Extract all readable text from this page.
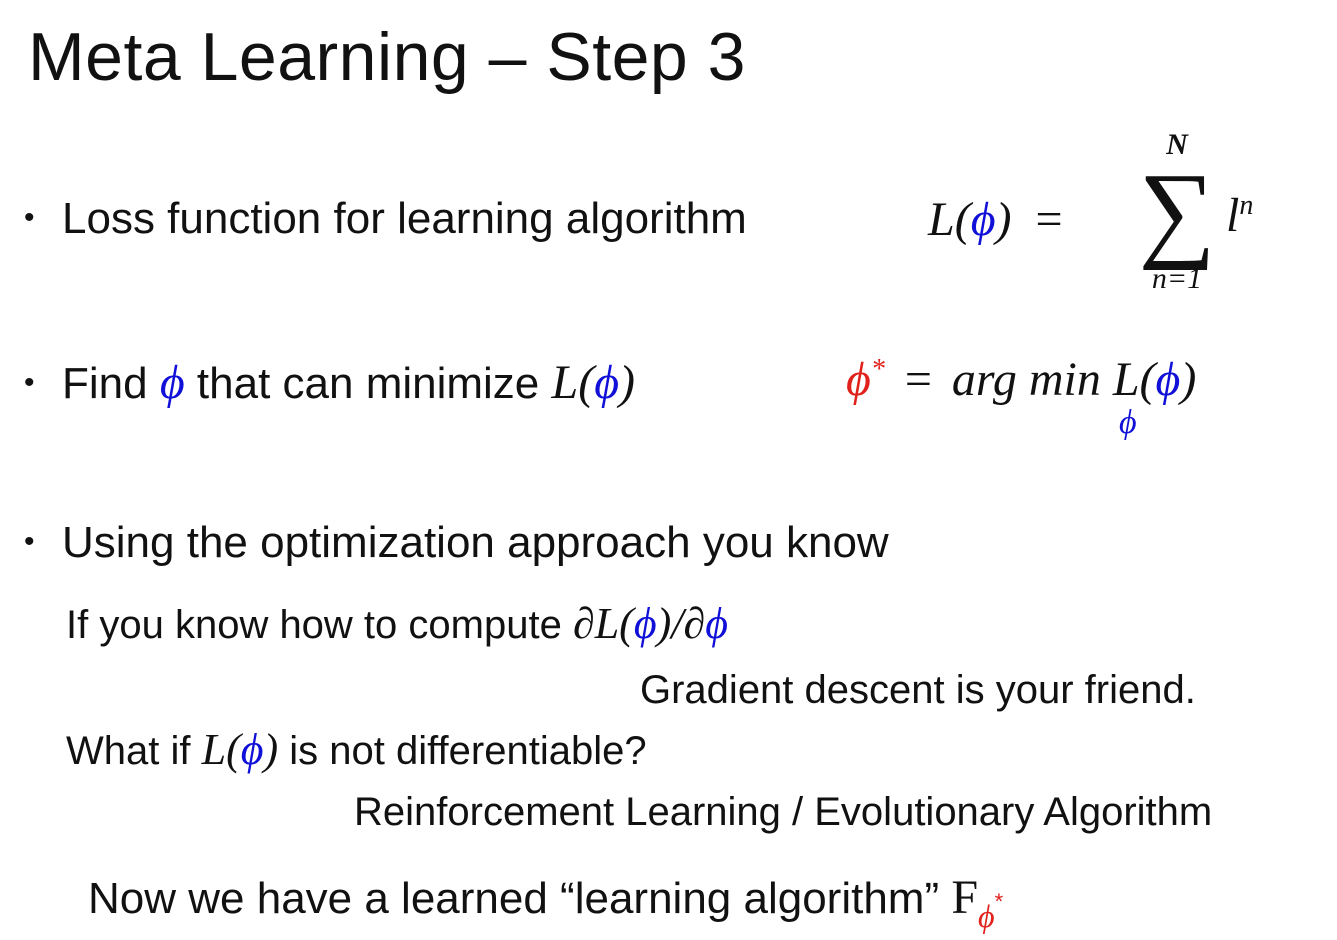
Meta Learning – Step 3
• Loss function for learning algorithm	L(ϕ) =
N
∑
n=1
$l^n$
• Find
ϕ
that can minimize
L( ϕ )	ϕ* = arg min L(ϕ)
ϕ
• Using the optimization approach you know
If you know how to compute
∂L( ϕ )/∂ ϕ
Gradient descent is your friend.
What if
L( ϕ )
is not differentiable?
Reinforcement Learning / Evolutionary Algorithm
Now we have a learned “learning algorithm”
F ϕ *
